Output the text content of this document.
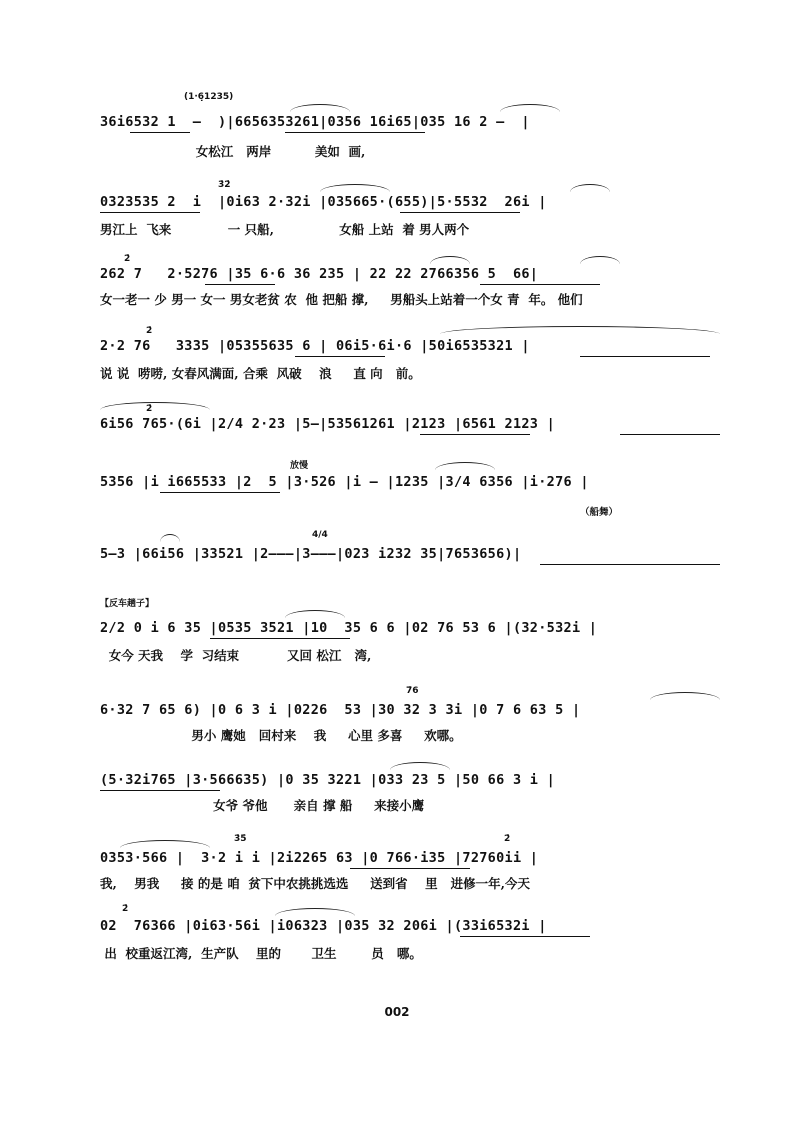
(1·6̣1235)
36i6532 1  –  )|6656353261|0356 16i65|035 16 2 –  |
女松江   两岸          美如  画,
3̇2̇
0323535 2  i  |0i63 2·32i |035665·(655)|5·5532  26i |
男江上  飞来             一 只船,               女船 上站  着 男人两个
2̇
262 7   2·5276 |35 6·6 36 235 | 22 22 2766356 5  66|
女一老一 少 男一 女一 男女老贫 农  他 把船 撑,     男船头上站着一个女 青  年。 他们
2̇
2·2 76   3335 |05355635 6 | 06i5·6i·6 |50i6535321 |
说 说  唠唠, 女春风满面, 合乘  风破    浪     直 向   前。
2̇
6i56 765·(6i |2/4 2·23 |5–|53561261 |2123 |6561 2123 |
放慢
5356 |i i665533 |2  5 |3·526 |i – |1235 |3/4 6356 |i·276 |
（船舞）
4/4
5–3 |66i56 |33521 |2–––|3–––|023 i232 35|7653656)|
【反车趟子】
2/2 0 i 6 35 |0535 3521 |10  35 6 6 |02 76 53 6 |(32·532i |
女今 天我    学  习结束           又回 松江   湾,
7̇6
6·32 7 65 6) |0 6 3 i |0226  53 |30 32 3 3i |0 7 6 63 5 |
男小 鹰她   回村来    我     心里 多喜     欢哪。
(5·32i765 |3·566635) |0 35 3221 |033 23 5 |50 66 3 i |
女爷 爷他      亲自 撑 船     来接小鹰
3̇5̇	2̇
0353·566 |  3·2 i i |2i2265 63 |0 766·i35 |72760ii |
我,    男我     接 的是 咱  贫下中农挑挑选选     送到省    里   进修一年,今天
2̇
02  76366 |0i63·56i |i06323 |035 32 206i |(33i6532i |
出  校重返江湾,  生产队    里的       卫生        员   哪。
002
